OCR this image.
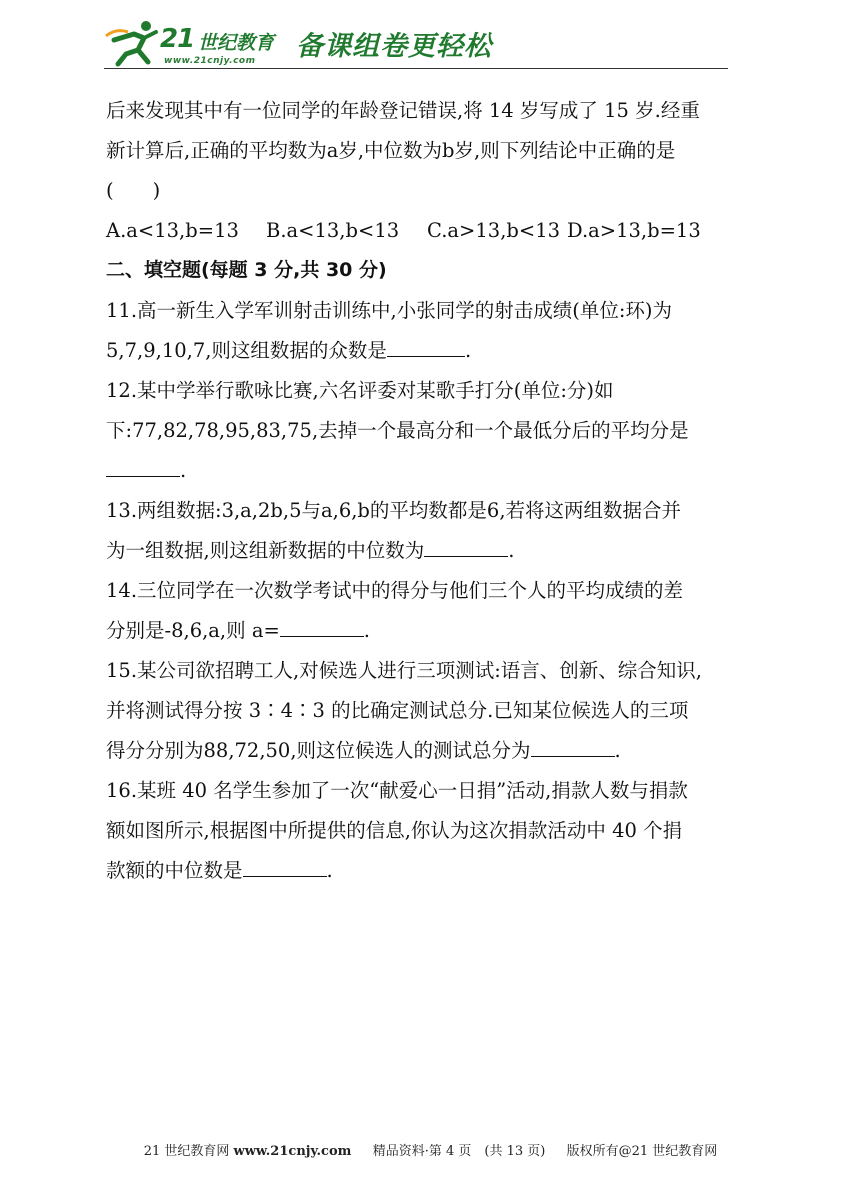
21 世纪教育
www.21cnjy.com 备课组卷更轻松
后来发现其中有一位同学的年龄登记错误,将 14 岁写成了 15 岁.经重
新计算后,正确的平均数为a岁,中位数为b岁,则下列结论中正确的是
(　　)
A.a<13,b=13 B.a<13,b<13 C.a>13,b<13 D.a>13,b=13
二、填空题(每题 3 分,共 30 分)
11.高一新生入学军训射击训练中,小张同学的射击成绩(单位:环)为
5,7,9,10,7,则这组数据的众数是	.
12.某中学举行歌咏比赛,六名评委对某歌手打分(单位:分)如
下:77,82,78,95,83,75,去掉一个最高分和一个最低分后的平均分是
.
13.两组数据:3,a,2b,5与a,6,b的平均数都是6,若将这两组数据合并
为一组数据,则这组新数据的中位数为	.
14.三位同学在一次数学考试中的得分与他们三个人的平均成绩的差
分别是-8,6,a,则 a=	.
15.某公司欲招聘工人,对候选人进行三项测试:语言、创新、综合知识,
并将测试得分按 3∶4∶3 的比确定测试总分.已知某位候选人的三项
得分分别为88,72,50,则这位候选人的测试总分为	.
16.某班 40 名学生参加了一次“献爱心一日捐”活动,捐款人数与捐款
额如图所示,根据图中所提供的信息,你认为这次捐款活动中 40 个捐
款额的中位数是	.
21 世纪教育网 www.21cnjy.com 　 精品资料·第 4 页　(共 13 页) 　 版权所有@21 世纪教育网
